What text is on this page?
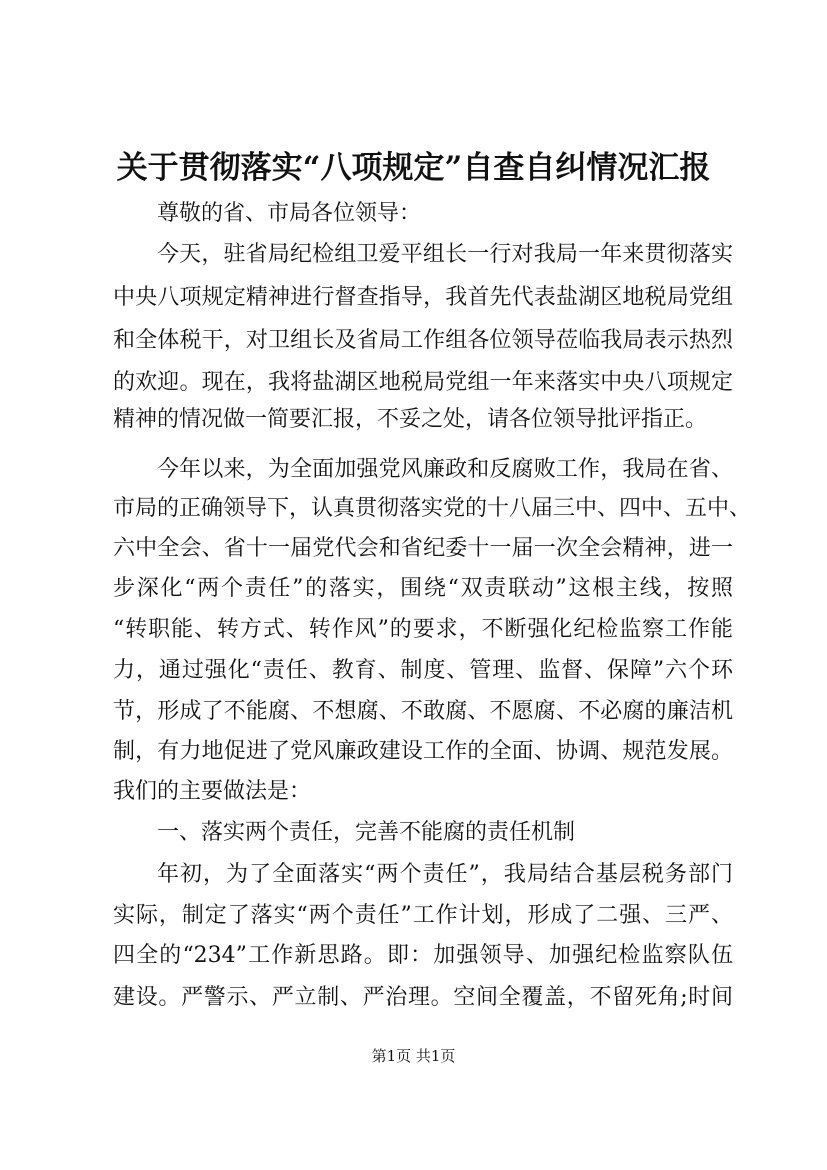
关于贯彻落实“八项规定”自查自纠情况汇报
尊敬的省、市局各位领导：
今天，驻省局纪检组卫爱平组长一行对我局一年来贯彻落实
中央八项规定精神进行督查指导，我首先代表盐湖区地税局党组
和全体税干，对卫组长及省局工作组各位领导莅临我局表示热烈
的欢迎。现在，我将盐湖区地税局党组一年来落实中央八项规定
精神的情况做一简要汇报，不妥之处，请各位领导批评指正。
今年以来，为全面加强党风廉政和反腐败工作，我局在省、
市局的正确领导下，认真贯彻落实党的十八届三中、四中、五中、
六中全会、省十一届党代会和省纪委十一届一次全会精神，进一
步深化“两个责任”的落实，围绕“双责联动”这根主线，按照
“转职能、转方式、转作风”的要求，不断强化纪检监察工作能
力，通过强化“责任、教育、制度、管理、监督、保障”六个环
节，形成了不能腐、不想腐、不敢腐、不愿腐、不必腐的廉洁机
制，有力地促进了党风廉政建设工作的全面、协调、规范发展。
我们的主要做法是：
一、落实两个责任，完善不能腐的责任机制
年初，为了全面落实“两个责任”，我局结合基层税务部门
实际，制定了落实“两个责任”工作计划，形成了二强、三严、
四全的“234”工作新思路。即：加强领导、加强纪检监察队伍
建设。严警示、严立制、严治理。空间全覆盖，不留死角;时间
第1页 共1页
